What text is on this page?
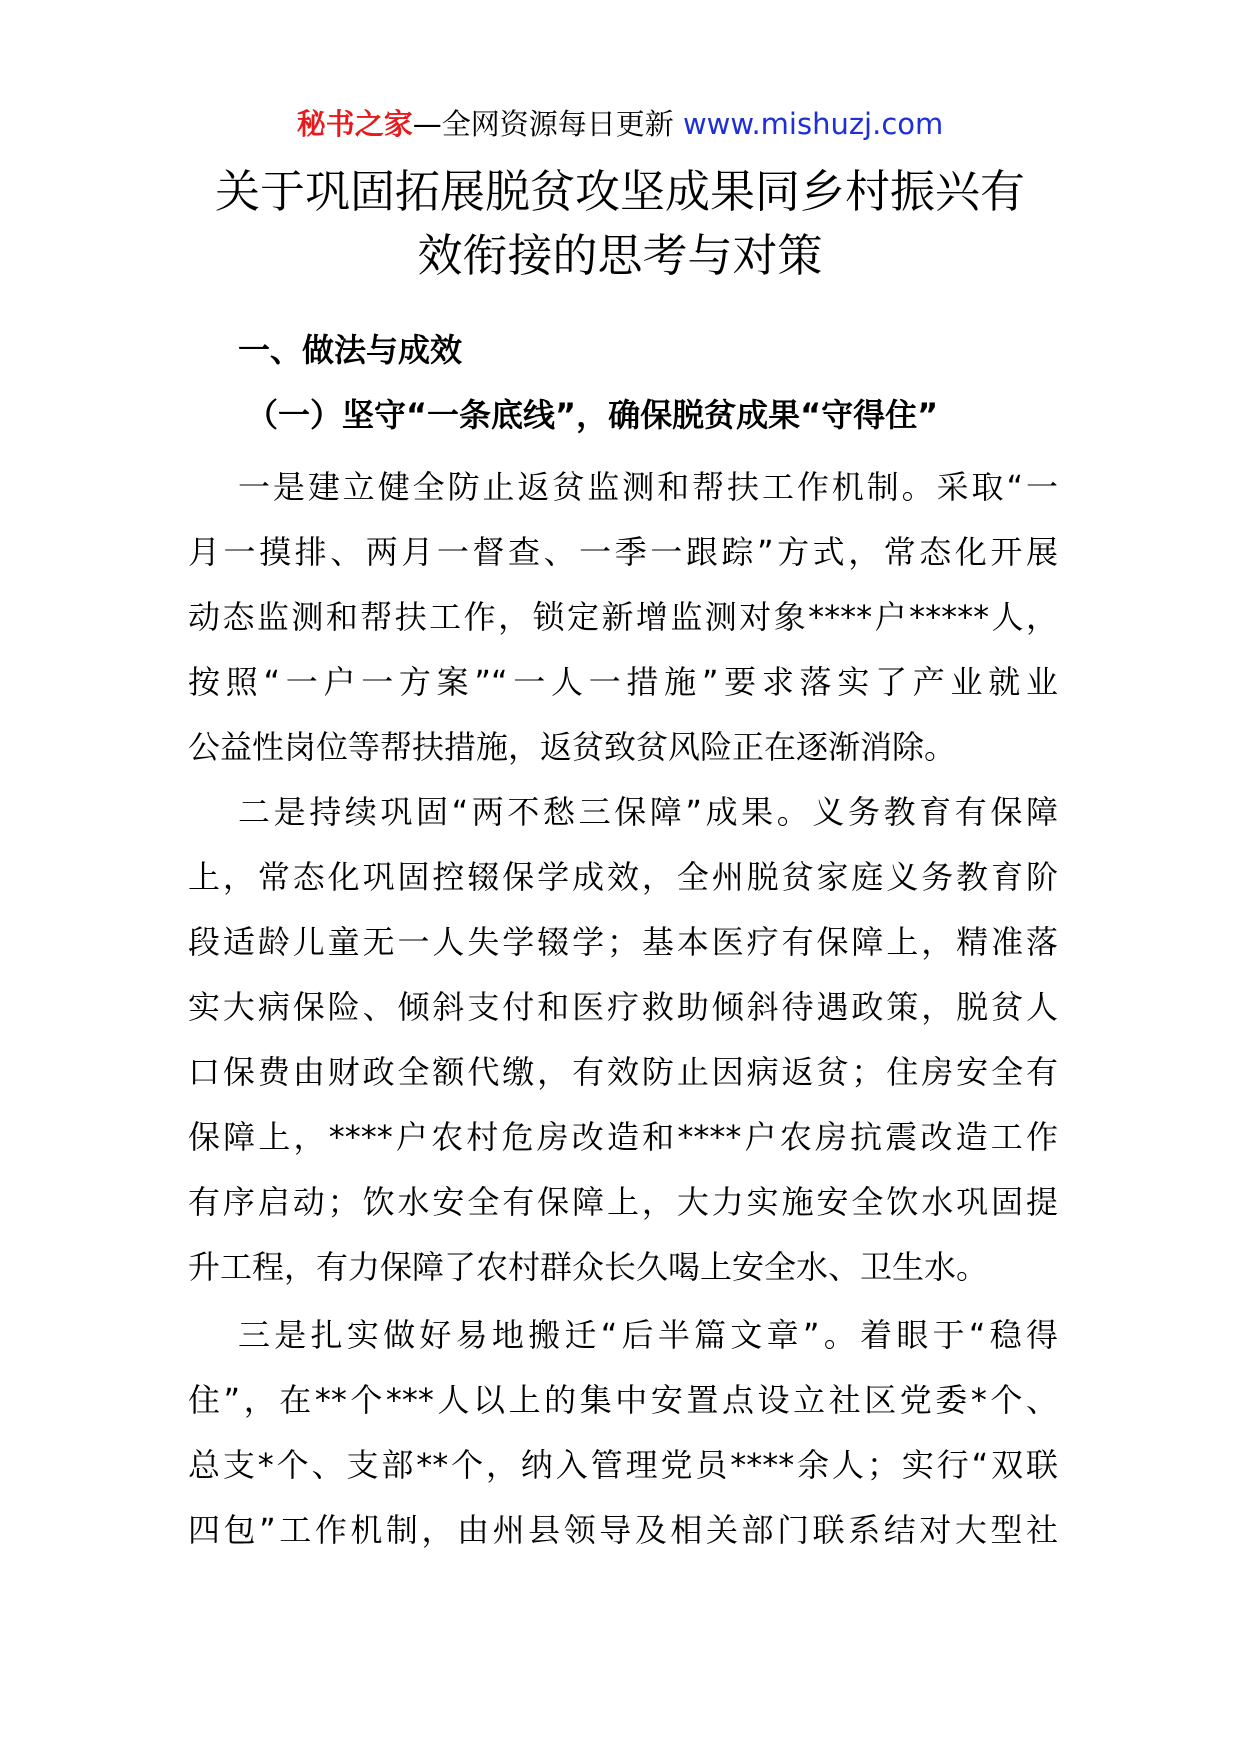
秘书之家—全网资源每日更新 www.mishuzj.com
关于巩固拓展脱贫攻坚成果同乡村振兴有
效衔接的思考与对策
一、做法与成效
（一）坚守“一条底线”，确保脱贫成果“守得住”

一是建立健全防止返贫监测和帮扶工作机制。采取“一
月一摸排、两月一督查、一季一跟踪”方式，常态化开展
动态监测和帮扶工作，锁定新增监测对象****户*****人，
按照“一户一方案”“一人一措施”要求落实了产业就业
公益性岗位等帮扶措施，返贫致贫风险正在逐渐消除。

二是持续巩固“两不愁三保障”成果。义务教育有保障
上，常态化巩固控辍保学成效，全州脱贫家庭义务教育阶
段适龄儿童无一人失学辍学；基本医疗有保障上，精准落
实大病保险、倾斜支付和医疗救助倾斜待遇政策，脱贫人
口保费由财政全额代缴，有效防止因病返贫；住房安全有
保障上，****户农村危房改造和****户农房抗震改造工作
有序启动；饮水安全有保障上，大力实施安全饮水巩固提
升工程，有力保障了农村群众长久喝上安全水、卫生水。

三是扎实做好易地搬迁“后半篇文章”。着眼于“稳得
住”，在**个***人以上的集中安置点设立社区党委*个、
总支*个、支部**个，纳入管理党员****余人；实行“双联
四包”工作机制，由州县领导及相关部门联系结对大型社
